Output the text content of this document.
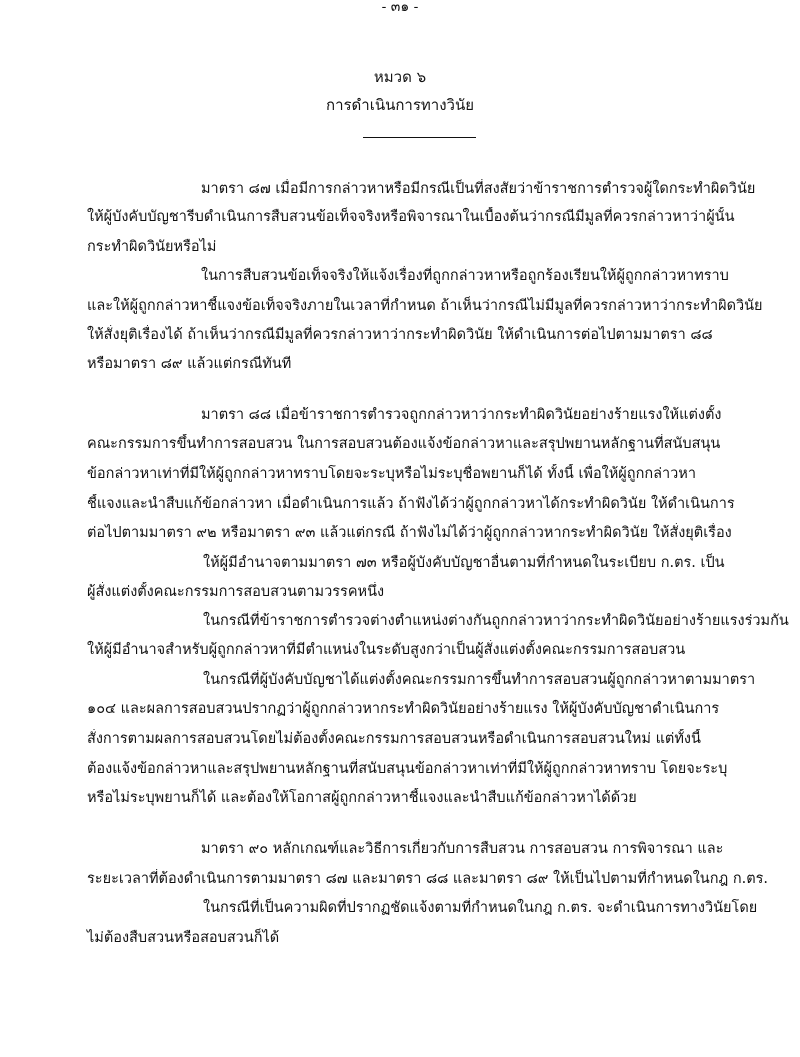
- ๓๑ -
หมวด ๖
การดำเนินการทางวินัย
มาตรา ๘๗ เมื่อมีการกล่าวหาหรือมีกรณีเป็นที่สงสัยว่าข้าราชการตำรวจผู้ใดกระทำผิดวินัย
ให้ผู้บังคับบัญชารีบดำเนินการสืบสวนข้อเท็จจริงหรือพิจารณาในเบื้องต้นว่ากรณีมีมูลที่ควรกล่าวหาว่าผู้นั้น
กระทำผิดวินัยหรือไม่
ในการสืบสวนข้อเท็จจริงให้แจ้งเรื่องที่ถูกกล่าวหาหรือถูกร้องเรียนให้ผู้ถูกกล่าวหาทราบ
และให้ผู้ถูกกล่าวหาชี้แจงข้อเท็จจริงภายในเวลาที่กำหนด ถ้าเห็นว่ากรณีไม่มีมูลที่ควรกล่าวหาว่ากระทำผิดวินัย
ให้สั่งยุติเรื่องได้ ถ้าเห็นว่ากรณีมีมูลที่ควรกล่าวหาว่ากระทำผิดวินัย ให้ดำเนินการต่อไปตามมาตรา ๘๘
หรือมาตรา ๘๙ แล้วแต่กรณีทันที
มาตรา ๘๘ เมื่อข้าราชการตำรวจถูกกล่าวหาว่ากระทำผิดวินัยอย่างร้ายแรงให้แต่งตั้ง
คณะกรรมการขึ้นทำการสอบสวน ในการสอบสวนต้องแจ้งข้อกล่าวหาและสรุปพยานหลักฐานที่สนับสนุน
ข้อกล่าวหาเท่าที่มีให้ผู้ถูกกล่าวหาทราบโดยจะระบุหรือไม่ระบุชื่อพยานก็ได้ ทั้งนี้ เพื่อให้ผู้ถูกกล่าวหา
ชี้แจงและนำสืบแก้ข้อกล่าวหา เมื่อดำเนินการแล้ว ถ้าฟังได้ว่าผู้ถูกกล่าวหาได้กระทำผิดวินัย ให้ดำเนินการ
ต่อไปตามมาตรา ๙๒ หรือมาตรา ๙๓ แล้วแต่กรณี ถ้าฟังไม่ได้ว่าผู้ถูกกล่าวหากระทำผิดวินัย ให้สั่งยุติเรื่อง
ให้ผู้มีอำนาจตามมาตรา ๗๓ หรือผู้บังคับบัญชาอื่นตามที่กำหนดในระเบียบ ก.ตร. เป็น
ผู้สั่งแต่งตั้งคณะกรรมการสอบสวนตามวรรคหนึ่ง
ในกรณีที่ข้าราชการตำรวจต่างตำแหน่งต่างกันถูกกล่าวหาว่ากระทำผิดวินัยอย่างร้ายแรงร่วมกัน
ให้ผู้มีอำนาจสำหรับผู้ถูกกล่าวหาที่มีตำแหน่งในระดับสูงกว่าเป็นผู้สั่งแต่งตั้งคณะกรรมการสอบสวน
ในกรณีที่ผู้บังคับบัญชาได้แต่งตั้งคณะกรรมการขึ้นทำการสอบสวนผู้ถูกกล่าวหาตามมาตรา
๑๐๔ และผลการสอบสวนปรากฏว่าผู้ถูกกล่าวหากระทำผิดวินัยอย่างร้ายแรง ให้ผู้บังคับบัญชาดำเนินการ
สั่งการตามผลการสอบสวนโดยไม่ต้องตั้งคณะกรรมการสอบสวนหรือดำเนินการสอบสวนใหม่ แต่ทั้งนี้
ต้องแจ้งข้อกล่าวหาและสรุปพยานหลักฐานที่สนับสนุนข้อกล่าวหาเท่าที่มีให้ผู้ถูกกล่าวหาทราบ โดยจะระบุ
หรือไม่ระบุพยานก็ได้ และต้องให้โอกาสผู้ถูกกล่าวหาชี้แจงและนำสืบแก้ข้อกล่าวหาได้ด้วย
มาตรา ๙๐ หลักเกณฑ์และวิธีการเกี่ยวกับการสืบสวน การสอบสวน การพิจารณา และ
ระยะเวลาที่ต้องดำเนินการตามมาตรา ๘๗ และมาตรา ๘๘ และมาตรา ๘๙ ให้เป็นไปตามที่กำหนดในกฎ ก.ตร.
ในกรณีที่เป็นความผิดที่ปรากฏชัดแจ้งตามที่กำหนดในกฎ ก.ตร. จะดำเนินการทางวินัยโดย
ไม่ต้องสืบสวนหรือสอบสวนก็ได้
